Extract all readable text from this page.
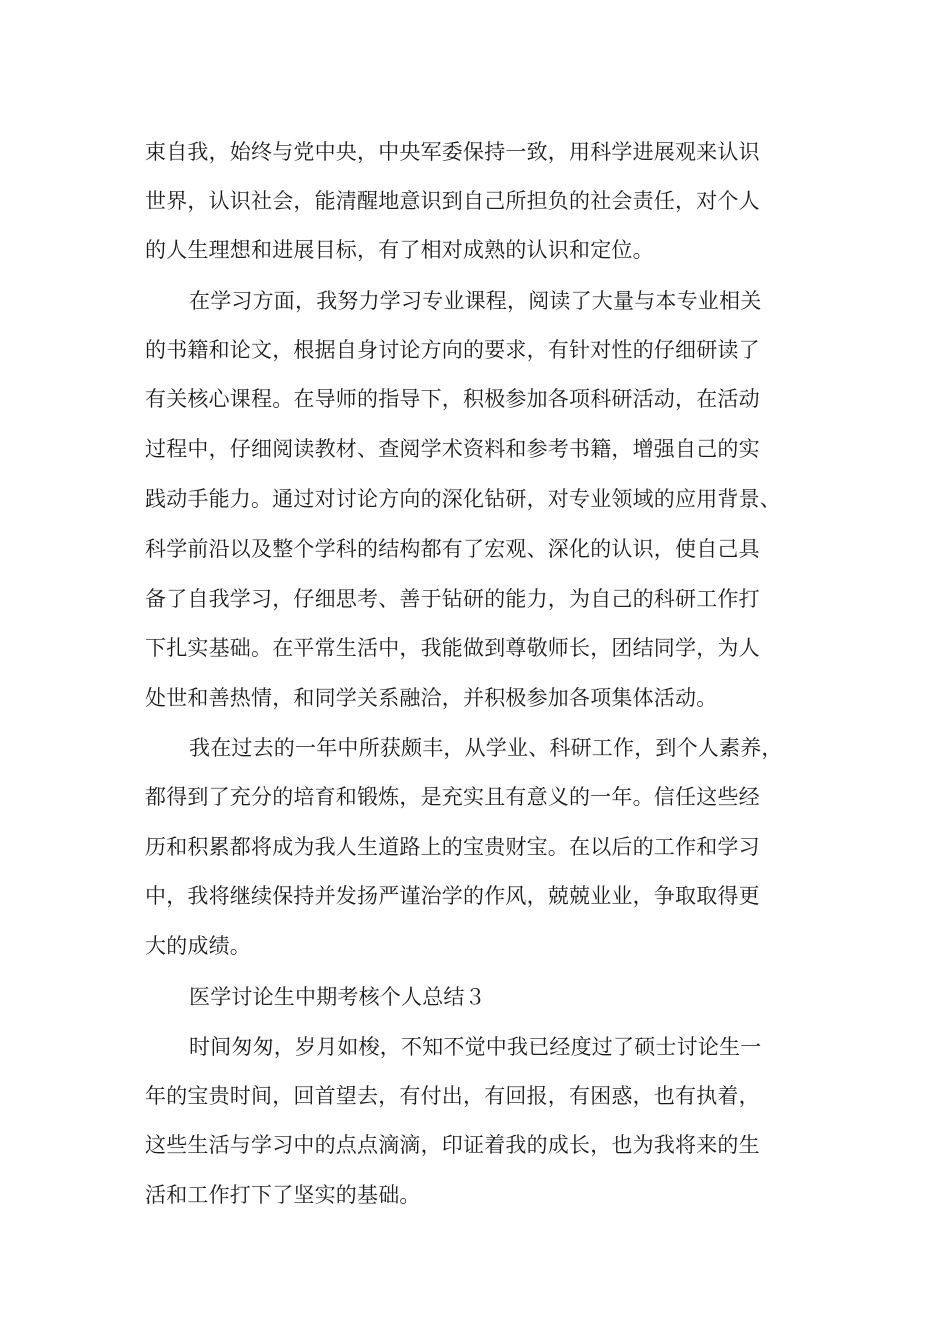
束自我，始终与党中央，中央军委保持一致，用科学进展观来认识
世界，认识社会，能清醒地意识到自己所担负的社会责任，对个人
的人生理想和进展目标，有了相对成熟的认识和定位。
在学习方面，我努力学习专业课程，阅读了大量与本专业相关
的书籍和论文，根据自身讨论方向的要求，有针对性的仔细研读了
有关核心课程。在导师的指导下，积极参加各项科研活动，在活动
过程中，仔细阅读教材、查阅学术资料和参考书籍，增强自己的实
践动手能力。通过对讨论方向的深化钻研，对专业领域的应用背景、
科学前沿以及整个学科的结构都有了宏观、深化的认识，使自己具
备了自我学习，仔细思考、善于钻研的能力，为自己的科研工作打
下扎实基础。在平常生活中，我能做到尊敬师长，团结同学，为人
处世和善热情，和同学关系融洽，并积极参加各项集体活动。
我在过去的一年中所获颇丰，从学业、科研工作，到个人素养，
都得到了充分的培育和锻炼，是充实且有意义的一年。信任这些经
历和积累都将成为我人生道路上的宝贵财宝。在以后的工作和学习
中，我将继续保持并发扬严谨治学的作风，兢兢业业，争取取得更
大的成绩。
医学讨论生中期考核个人总结３
时间匆匆，岁月如梭，不知不觉中我已经度过了硕士讨论生一
年的宝贵时间，回首望去，有付出，有回报，有困惑，也有执着，
这些生活与学习中的点点滴滴，印证着我的成长，也为我将来的生
活和工作打下了坚实的基础。
